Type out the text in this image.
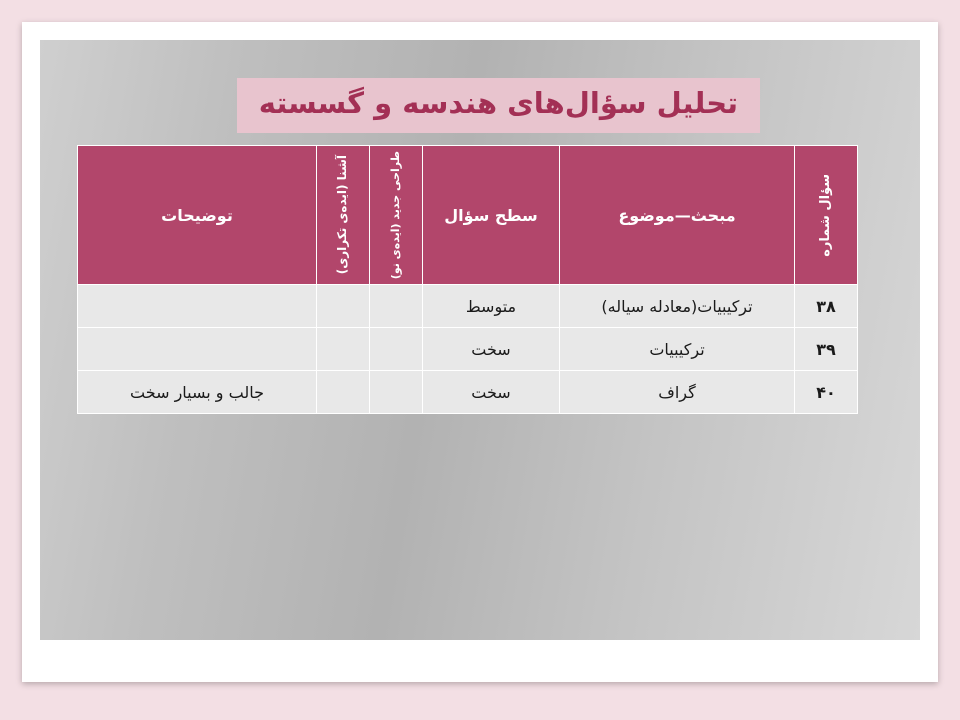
تحلیل سؤال‌های هندسه و گسسته
سؤال شماره	مبحث—موضوع	سطح سؤال	طراحی جدید (ایده‌ی نو)	آشنا (ایده‌ی تکراری)	توضیحات
۳۸	ترکیبیات(معادله سیاله)	متوسط			
۳۹	ترکیبیات	سخت			
۴۰	گراف	سخت			جالب و بسیار سخت
